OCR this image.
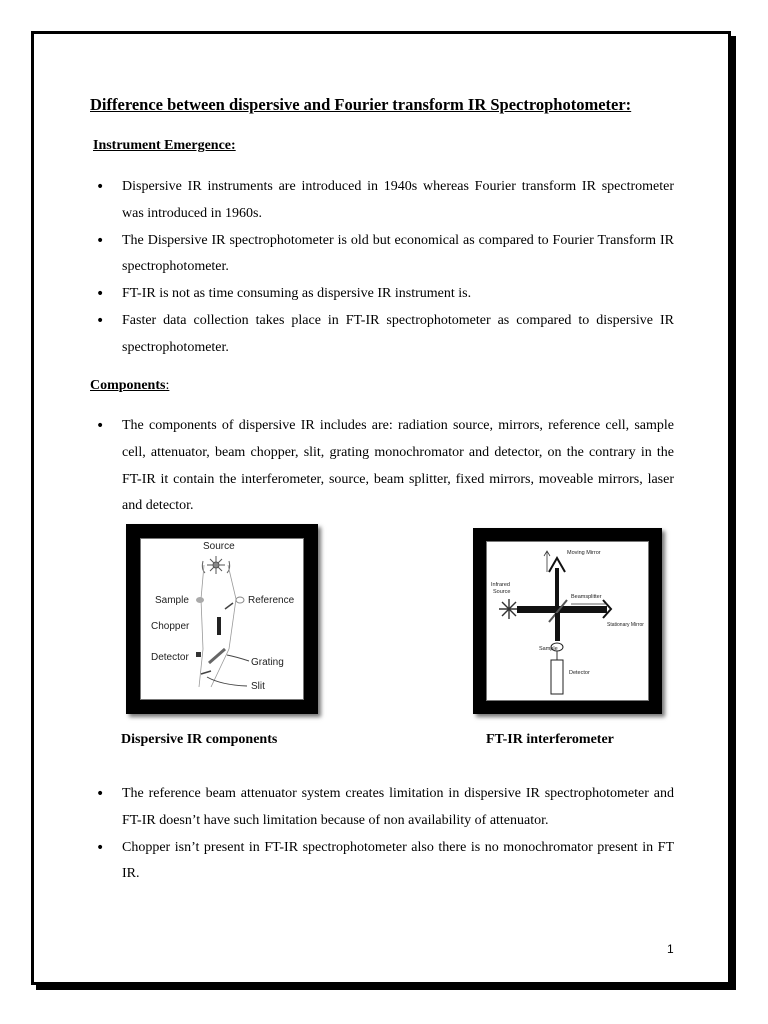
Difference between dispersive and Fourier transform IR Spectrophotometer:
Instrument Emergence:
• Dispersive IR instruments are introduced in 1940s whereas Fourier transform IR spectrometer was introduced in 1960s.
• The Dispersive IR spectrophotometer is old but economical as compared to Fourier Transform IR spectrophotometer.
• FT-IR is not as time consuming as dispersive IR instrument is.
• Faster data collection takes place in FT-IR spectrophotometer as compared to dispersive IR spectrophotometer.
Components:
• The components of dispersive IR includes are: radiation source, mirrors, reference cell, sample cell, attenuator, beam chopper, slit, grating monochromator and detector, on the contrary in the FT-IR it contain the interferometer, source, beam splitter, fixed mirrors, moveable mirrors, laser and detector.
Source
Sample	Reference
Chopper
Detector	Grating
Slit
Moving Mirror
Infrared
Source
Beamsplitter
Stationary Mirror
Sample
Detector
Dispersive IR components	FT-IR interferometer
• The reference beam attenuator system creates limitation in dispersive IR spectrophotometer and FT-IR doesn’t have such limitation because of non availability of attenuator.
• Chopper isn’t present in FT-IR spectrophotometer also there is no monochromator present in FT IR.
1
